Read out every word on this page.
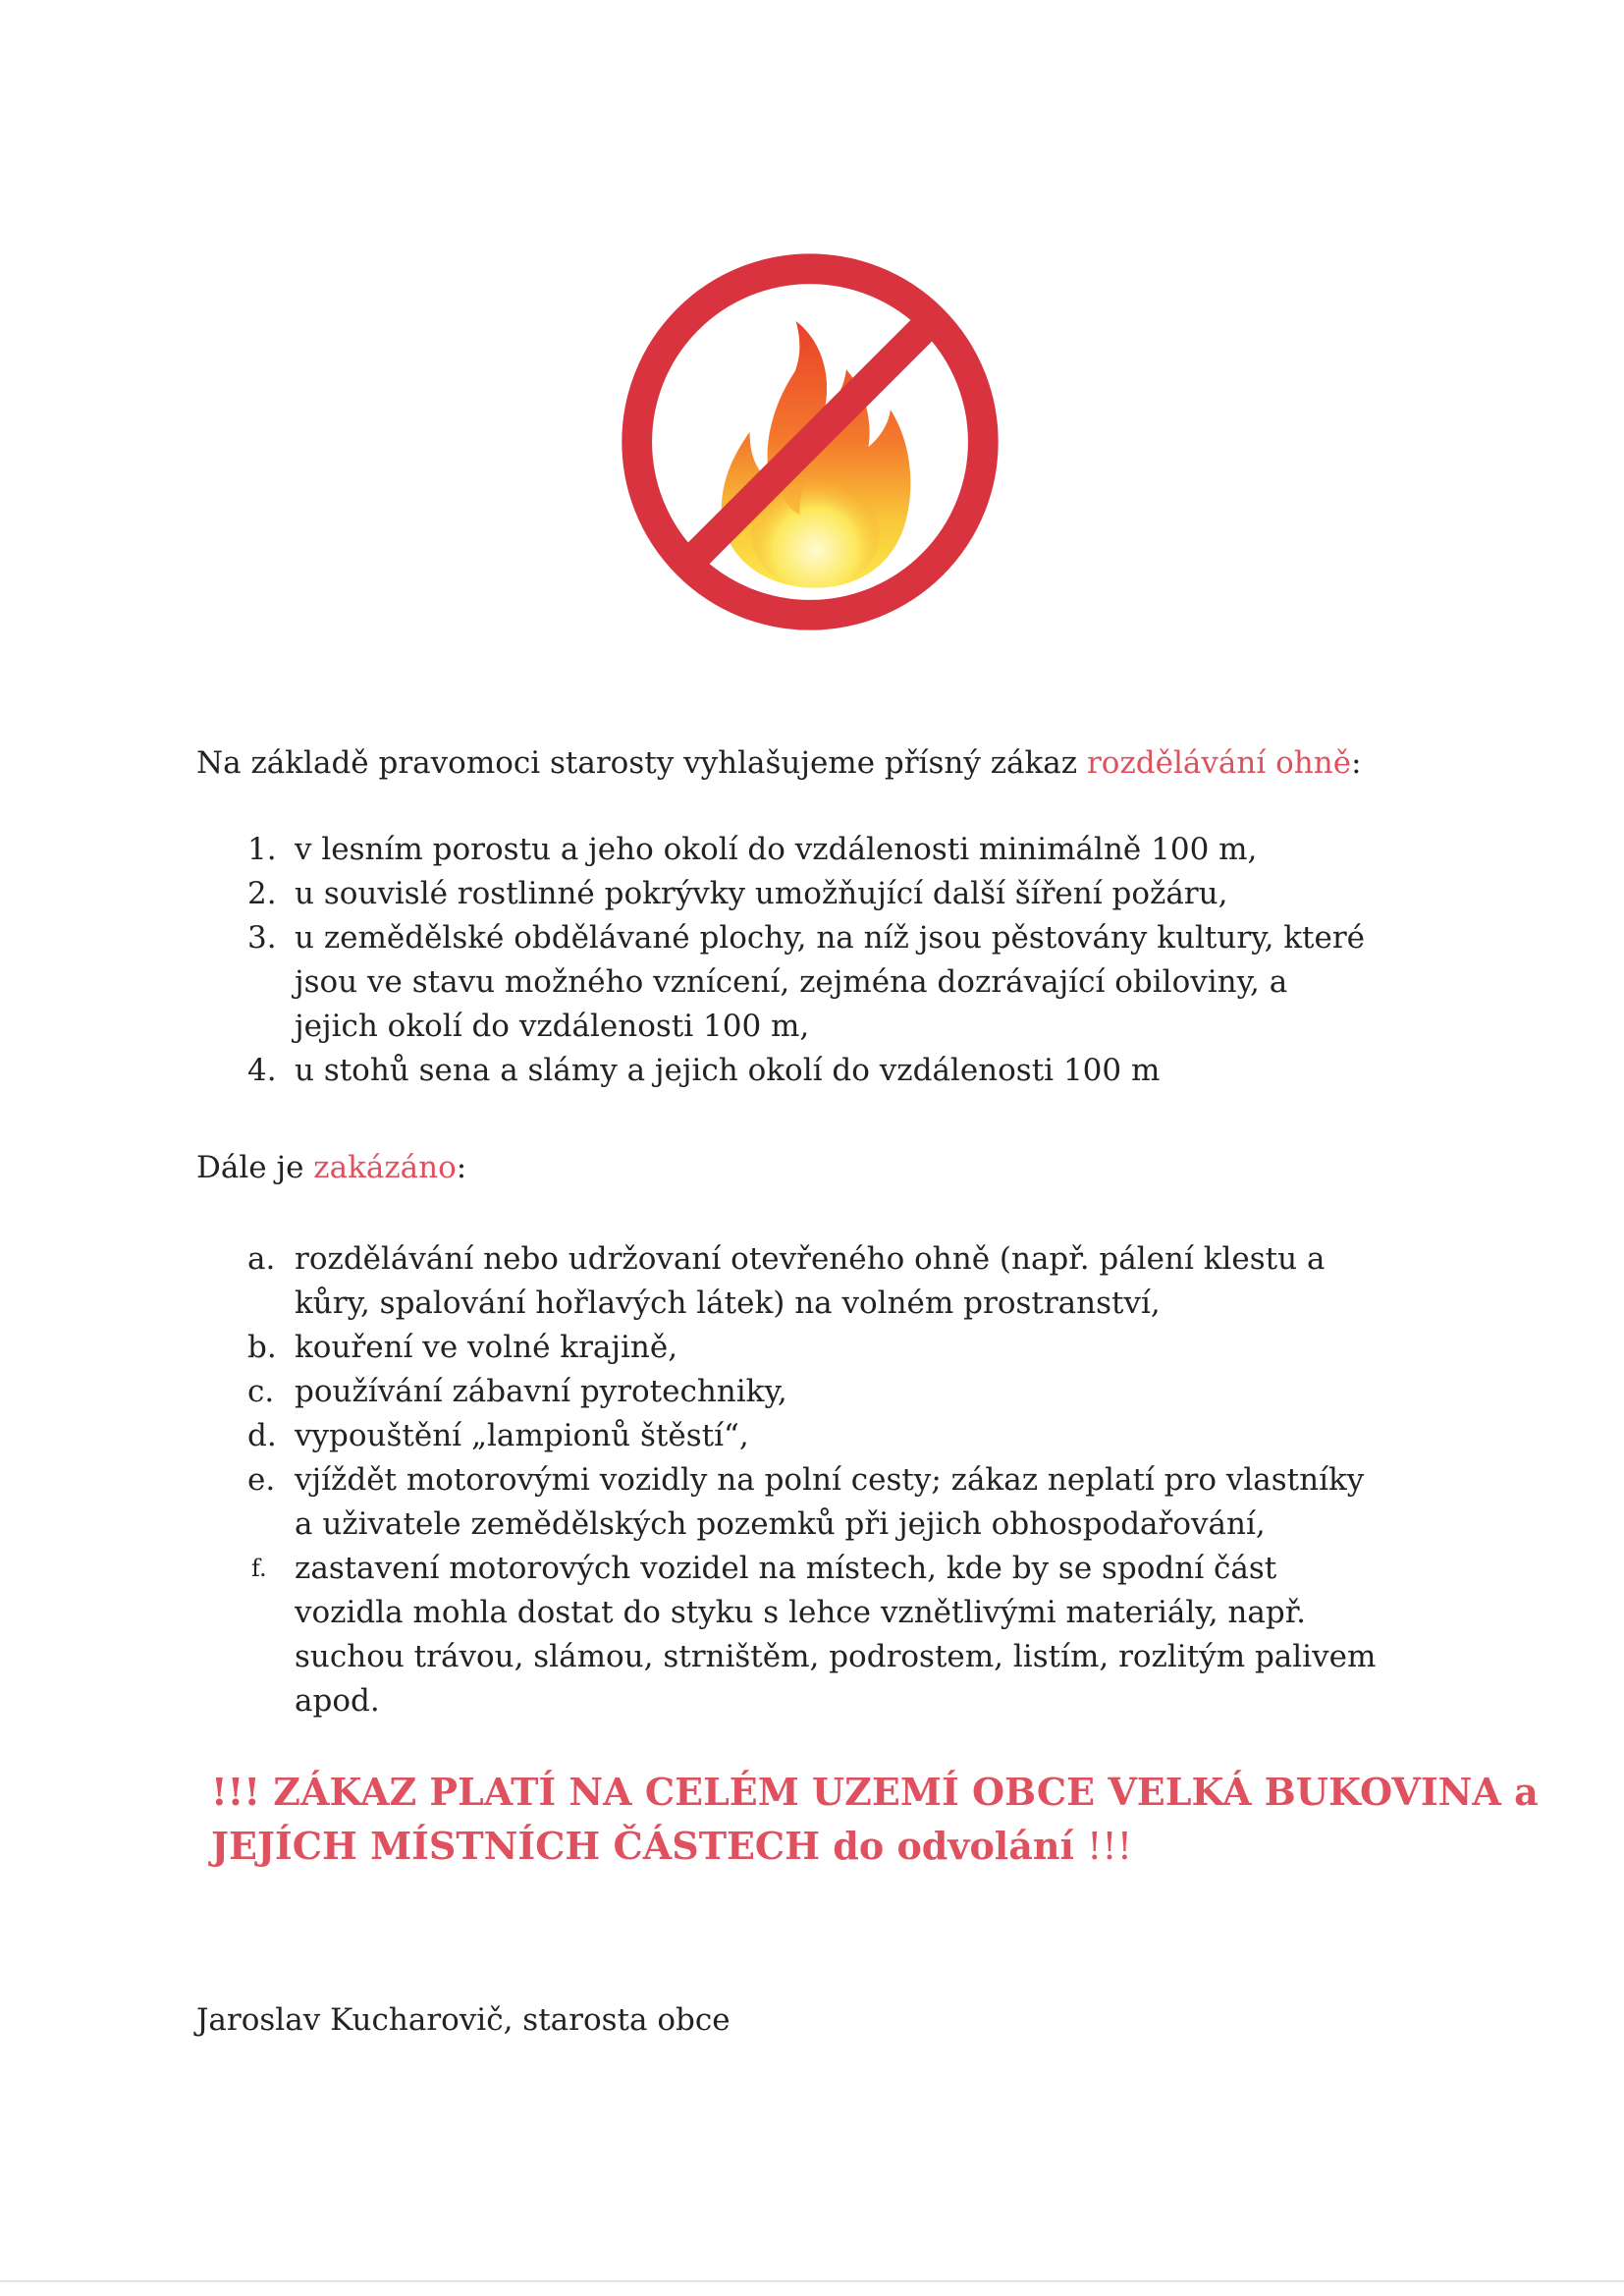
Na základě pravomoci starosty vyhlašujeme přísný zákaz rozdělávání ohně:
1. v lesním porostu a jeho okolí do vzdálenosti minimálně 100 m,
2. u souvislé rostlinné pokrývky umožňující další šíření požáru,
3. u zemědělské obdělávané plochy, na níž jsou pěstovány kultury, které
jsou ve stavu možného vznícení, zejména dozrávající obiloviny, a
jejich okolí do vzdálenosti 100 m,
4. u stohů sena a slámy a jejich okolí do vzdálenosti 100 m
Dále je zakázáno:
a. rozdělávání nebo udržovaní otevřeného ohně (např. pálení klestu a
kůry, spalování hořlavých látek) na volném prostranství,
b. kouření ve volné krajině,
c. používání zábavní pyrotechniky,
d. vypouštění „lampionů štěstí“,
e. vjíždět motorovými vozidly na polní cesty; zákaz neplatí pro vlastníky
a uživatele zemědělských pozemků při jejich obhospodařování,
f. zastavení motorových vozidel na místech, kde by se spodní část
vozidla mohla dostat do styku s lehce vznětlivými materiály, např.
suchou trávou, slámou, strništěm, podrostem, listím, rozlitým palivem
apod.
!!! ZÁKAZ PLATÍ NA CELÉM UZEMÍ OBCE VELKÁ BUKOVINA a
JEJÍCH MÍSTNÍCH ČÁSTECH do odvolání !!!
Jaroslav Kucharovič, starosta obce
